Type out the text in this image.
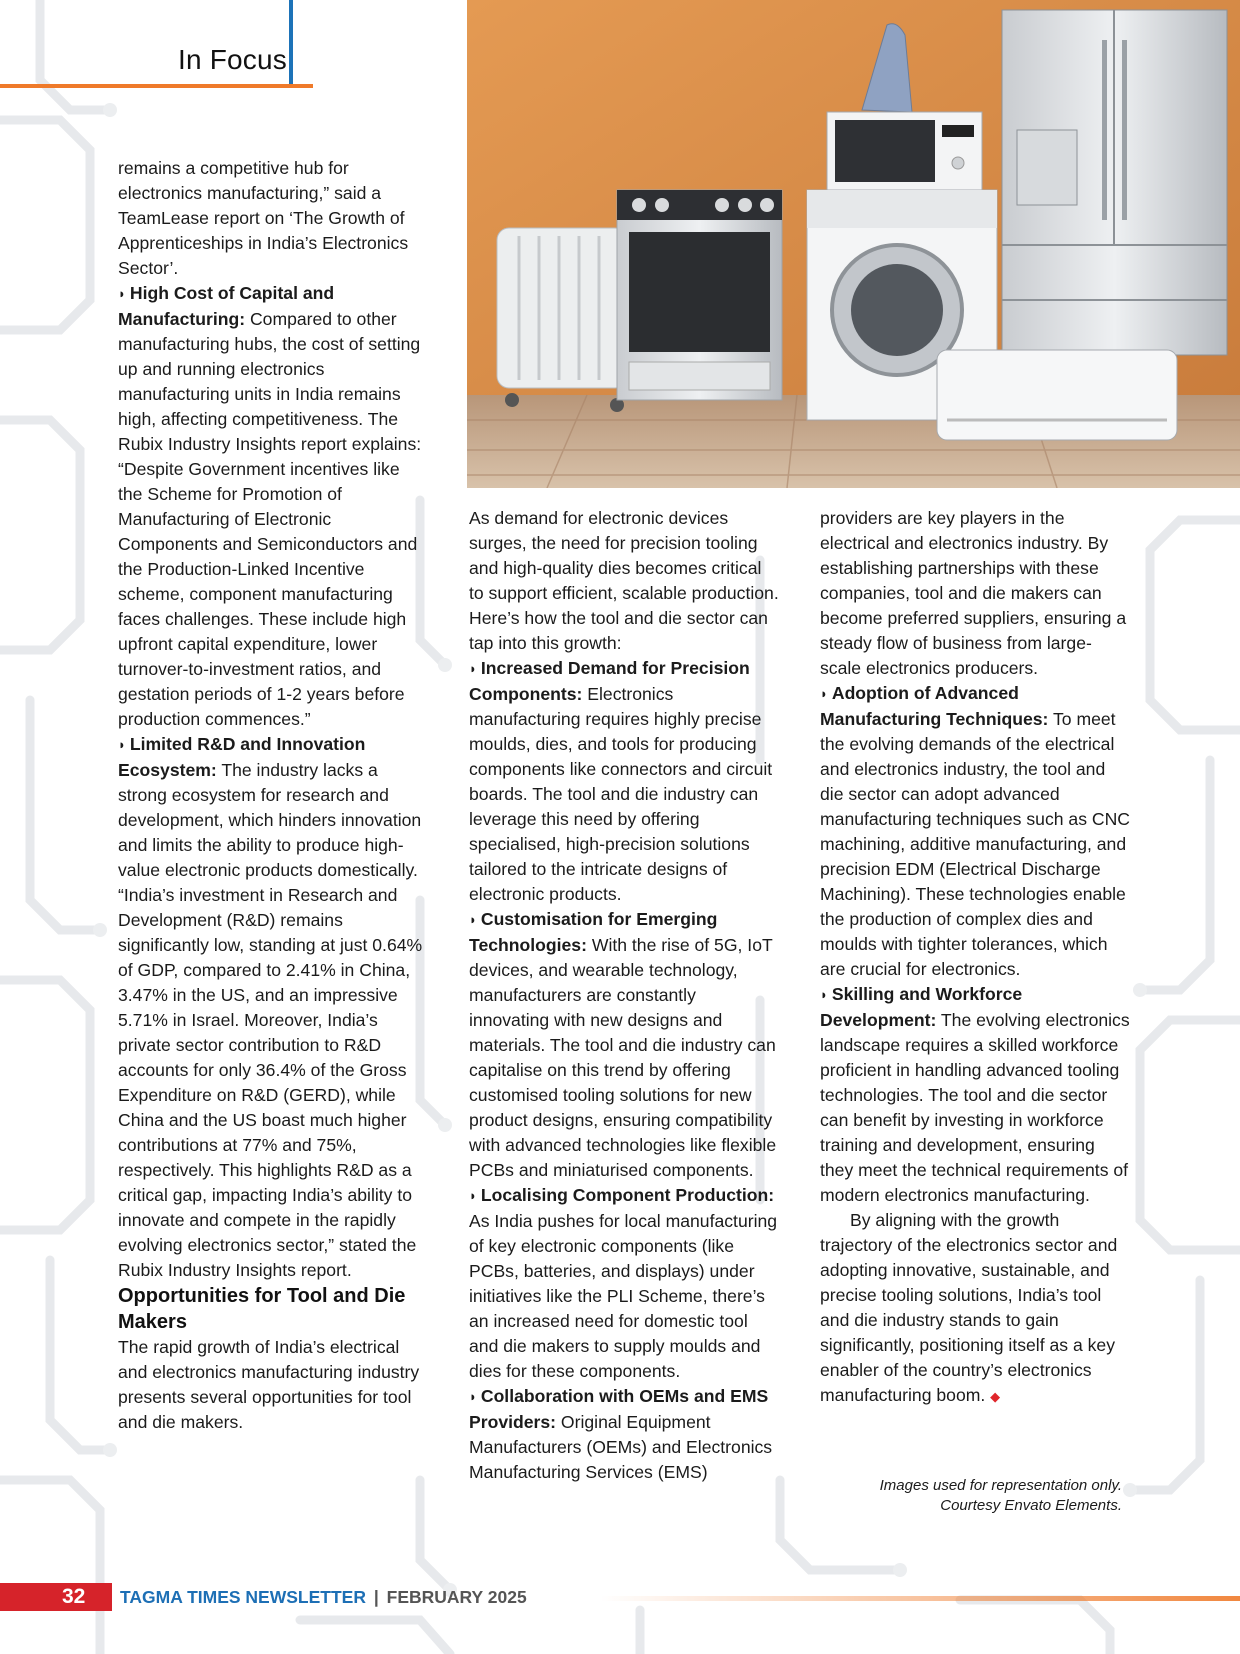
In Focus

remains a competitive hub for electronics manufacturing,” said a TeamLease report on ‘The Growth of Apprenticeships in India’s Electronics Sector’.

◗ High Cost of Capital and Manufacturing: Compared to other manufacturing hubs, the cost of setting up and running electronics manufacturing units in India remains high, affecting competitiveness. The Rubix Industry Insights report explains: “Despite Government incentives like the Scheme for Promotion of Manufacturing of Electronic Components and Semiconductors and the Production-Linked Incentive scheme, component manufacturing faces challenges. These include high upfront capital expenditure, lower turnover-to-investment ratios, and gestation periods of 1-2 years before production commences.”

◗ Limited R&D and Innovation Ecosystem: The industry lacks a strong ecosystem for research and development, which hinders innovation and limits the ability to produce high-value electronic products domestically. “India’s investment in Research and Development (R&D) remains significantly low, standing at just 0.64% of GDP, compared to 2.41% in China, 3.47% in the US, and an impressive 5.71% in Israel. Moreover, India’s private sector contribution to R&D accounts for only 36.4% of the Gross Expenditure on R&D (GERD), while China and the US boast much higher contributions at 77% and 75%, respectively. This highlights R&D as a critical gap, impacting India’s ability to innovate and compete in the rapidly evolving electronics sector,” stated the Rubix Industry Insights report.

Opportunities for Tool and Die Makers

The rapid growth of India’s electrical and electronics manufacturing industry presents several opportunities for tool and die makers.

As demand for electronic devices surges, the need for precision tooling and high-quality dies becomes critical to support efficient, scalable production. Here’s how the tool and die sector can tap into this growth:

◗ Increased Demand for Precision Components: Electronics manufacturing requires highly precise moulds, dies, and tools for producing components like connectors and circuit boards. The tool and die industry can leverage this need by offering specialised, high-precision solutions tailored to the intricate designs of electronic products.

◗ Customisation for Emerging Technologies: With the rise of 5G, IoT devices, and wearable technology, manufacturers are constantly innovating with new designs and materials. The tool and die industry can capitalise on this trend by offering customised tooling solutions for new product designs, ensuring compatibility with advanced technologies like flexible PCBs and miniaturised components.

◗ Localising Component Production: As India pushes for local manufacturing of key electronic components (like PCBs, batteries, and displays) under initiatives like the PLI Scheme, there’s an increased need for domestic tool and die makers to supply moulds and dies for these components.

◗ Collaboration with OEMs and EMS Providers: Original Equipment Manufacturers (OEMs) and Electronics Manufacturing Services (EMS)

providers are key players in the electrical and electronics industry. By establishing partnerships with these companies, tool and die makers can become preferred suppliers, ensuring a steady flow of business from large-scale electronics producers.

◗ Adoption of Advanced Manufacturing Techniques: To meet the evolving demands of the electrical and electronics industry, the tool and die sector can adopt advanced manufacturing techniques such as CNC machining, additive manufacturing, and precision EDM (Electrical Discharge Machining). These technologies enable the production of complex dies and moulds with tighter tolerances, which are crucial for electronics.

◗ Skilling and Workforce Development: The evolving electronics landscape requires a skilled workforce proficient in handling advanced tooling technologies. The tool and die sector can benefit by investing in workforce training and development, ensuring they meet the technical requirements of modern electronics manufacturing.

By aligning with the growth trajectory of the electronics sector and adopting innovative, sustainable, and precise tooling solutions, India’s tool and die industry stands to gain significantly, positioning itself as a key enabler of the country’s electronics manufacturing boom. ◆

Images used for representation only.
Courtesy Envato Elements.
32 TAGMA TIMES NEWSLETTER | FEBRUARY 2025
